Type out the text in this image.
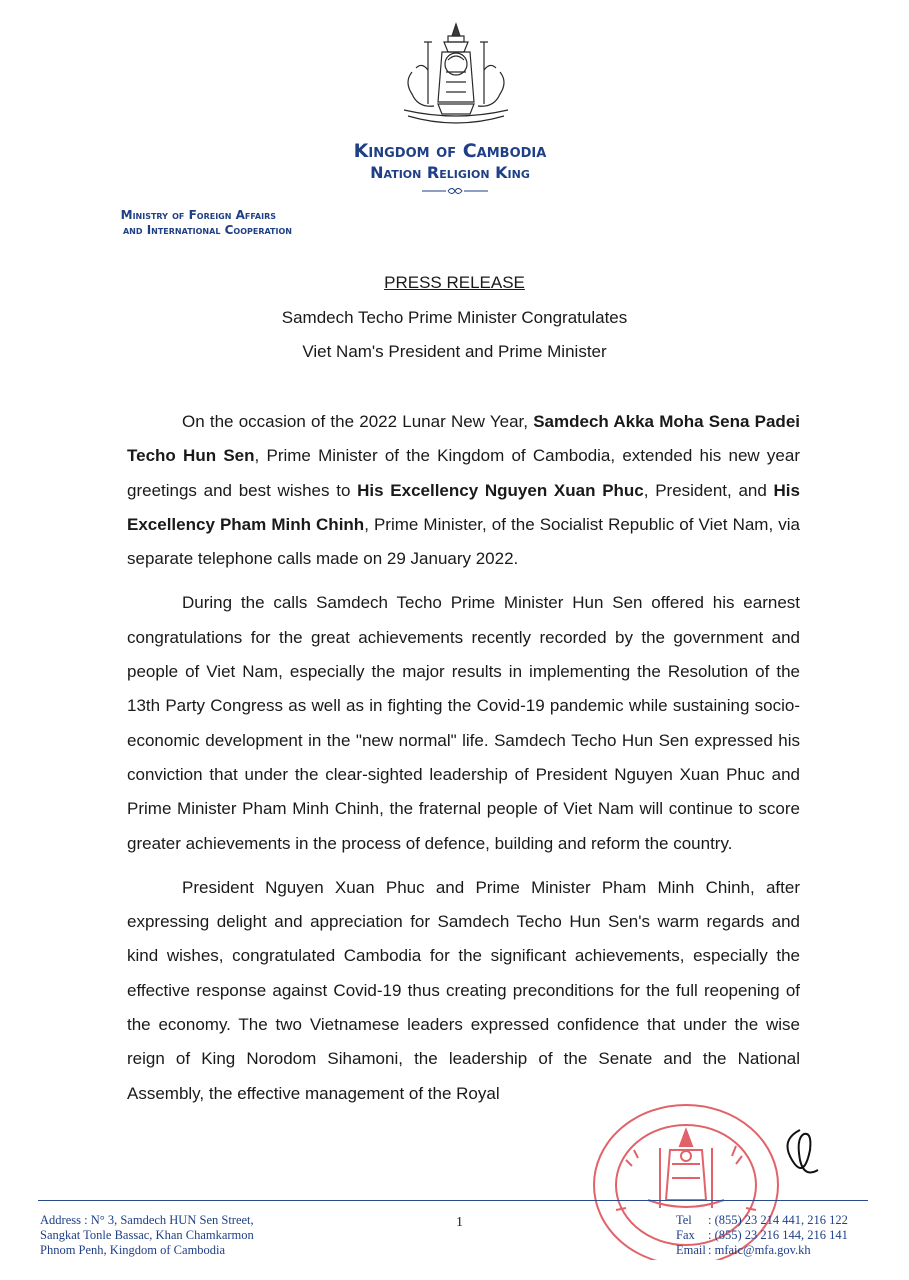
Kingdom of Cambodia
Nation Religion King
Ministry of Foreign Affairs
and International Cooperation
PRESS RELEASE
Samdech Techo Prime Minister Congratulates
Viet Nam's President and Prime Minister

On the occasion of the 2022 Lunar New Year, Samdech Akka Moha Sena Padei Techo Hun Sen, Prime Minister of the Kingdom of Cambodia, extended his new year greetings and best wishes to His Excellency Nguyen Xuan Phuc, President, and His Excellency Pham Minh Chinh, Prime Minister, of the Socialist Republic of Viet Nam, via separate telephone calls made on 29 January 2022.

During the calls Samdech Techo Prime Minister Hun Sen offered his earnest congratulations for the great achievements recently recorded by the government and people of Viet Nam, especially the major results in implementing the Resolution of the 13th Party Congress as well as in fighting the Covid-19 pandemic while sustaining socio-economic development in the "new normal" life. Samdech Techo Hun Sen expressed his conviction that under the clear-sighted leadership of President Nguyen Xuan Phuc and Prime Minister Pham Minh Chinh, the fraternal people of Viet Nam will continue to score greater achievements in the process of defence, building and reform the country.

President Nguyen Xuan Phuc and Prime Minister Pham Minh Chinh, after expressing delight and appreciation for Samdech Techo Hun Sen's warm regards and kind wishes, congratulated Cambodia for the significant achievements, especially the effective response against Covid-19 thus creating preconditions for the full reopening of the economy. The two Vietnamese leaders expressed confidence that under the wise reign of King Norodom Sihamoni, the leadership of the Senate and the National Assembly, the effective management of the Royal

Address : N° 3, Samdech HUN Sen Street,
Sangkat Tonle Bassac, Khan Chamkarmon
Phnom Penh, Kingdom of Cambodia
1	Tel : (855) 23 214 441, 216 122
Fax : (855) 23 216 144, 216 141
Email : mfaic@mfa.gov.kh
